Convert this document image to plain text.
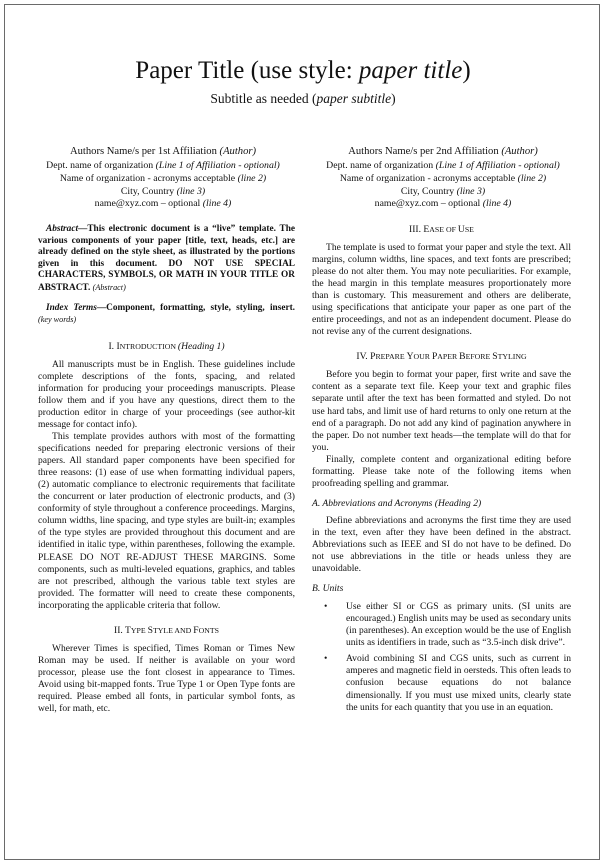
Paper Title (use style: paper title)
Subtitle as needed (paper subtitle)
Authors Name/s per 1st Affiliation (Author)
Dept. name of organization (Line 1 of Affiliation - optional)
Name of organization - acronyms acceptable (line 2)
City, Country (line 3)
name@xyz.com – optional (line 4)
Authors Name/s per 2nd Affiliation (Author)
Dept. name of organization (Line 1 of Affiliation - optional)
Name of organization - acronyms acceptable (line 2)
City, Country (line 3)
name@xyz.com – optional (line 4)

Abstract—This electronic document is a “live” template. The various components of your paper [title, text, heads, etc.] are already defined on the style sheet, as illustrated by the portions given in this document. DO NOT USE SPECIAL CHARACTERS, SYMBOLS, OR MATH IN YOUR TITLE OR ABSTRACT. (Abstract)

Index Terms—Component, formatting, style, styling, insert. (key words)

I. INTRODUCTION (Heading 1)

All manuscripts must be in English. These guidelines include complete descriptions of the fonts, spacing, and related information for producing your proceedings manuscripts. Please follow them and if you have any questions, direct them to the production editor in charge of your proceedings (see author-kit message for contact info).

This template provides authors with most of the formatting specifications needed for preparing electronic versions of their papers. All standard paper components have been specified for three reasons: (1) ease of use when formatting individual papers, (2) automatic compliance to electronic requirements that facilitate the concurrent or later production of electronic products, and (3) conformity of style throughout a conference proceedings. Margins, column widths, line spacing, and type styles are built-in; examples of the type styles are provided throughout this document and are identified in italic type, within parentheses, following the example. PLEASE DO NOT RE-ADJUST THESE MARGINS. Some components, such as multi-leveled equations, graphics, and tables are not prescribed, although the various table text styles are provided. The formatter will need to create these components, incorporating the applicable criteria that follow.

II. TYPE STYLE AND FONTS

Wherever Times is specified, Times Roman or Times New Roman may be used. If neither is available on your word processor, please use the font closest in appearance to Times. Avoid using bit-mapped fonts. True Type 1 or Open Type fonts are required. Please embed all fonts, in particular symbol fonts, as well, for math, etc.

III. EASE OF USE

The template is used to format your paper and style the text. All margins, column widths, line spaces, and text fonts are prescribed; please do not alter them. You may note peculiarities. For example, the head margin in this template measures proportionately more than is customary. This measurement and others are deliberate, using specifications that anticipate your paper as one part of the entire proceedings, and not as an independent document. Please do not revise any of the current designations.

IV. PREPARE YOUR PAPER BEFORE STYLING

Before you begin to format your paper, first write and save the content as a separate text file. Keep your text and graphic files separate until after the text has been formatted and styled. Do not use hard tabs, and limit use of hard returns to only one return at the end of a paragraph. Do not add any kind of pagination anywhere in the paper. Do not number text heads—the template will do that for you.

Finally, complete content and organizational editing before formatting. Please take note of the following items when proofreading spelling and grammar.

A. Abbreviations and Acronyms (Heading 2)

Define abbreviations and acronyms the first time they are used in the text, even after they have been defined in the abstract. Abbreviations such as IEEE and SI do not have to be defined. Do not use abbreviations in the title or heads unless they are unavoidable.

B. Units
• Use either SI or CGS as primary units. (SI units are encouraged.) English units may be used as secondary units (in parentheses). An exception would be the use of English units as identifiers in trade, such as “3.5-inch disk drive”.
• Avoid combining SI and CGS units, such as current in amperes and magnetic field in oersteds. This often leads to confusion because equations do not balance dimensionally. If you must use mixed units, clearly state the units for each quantity that you use in an equation.
